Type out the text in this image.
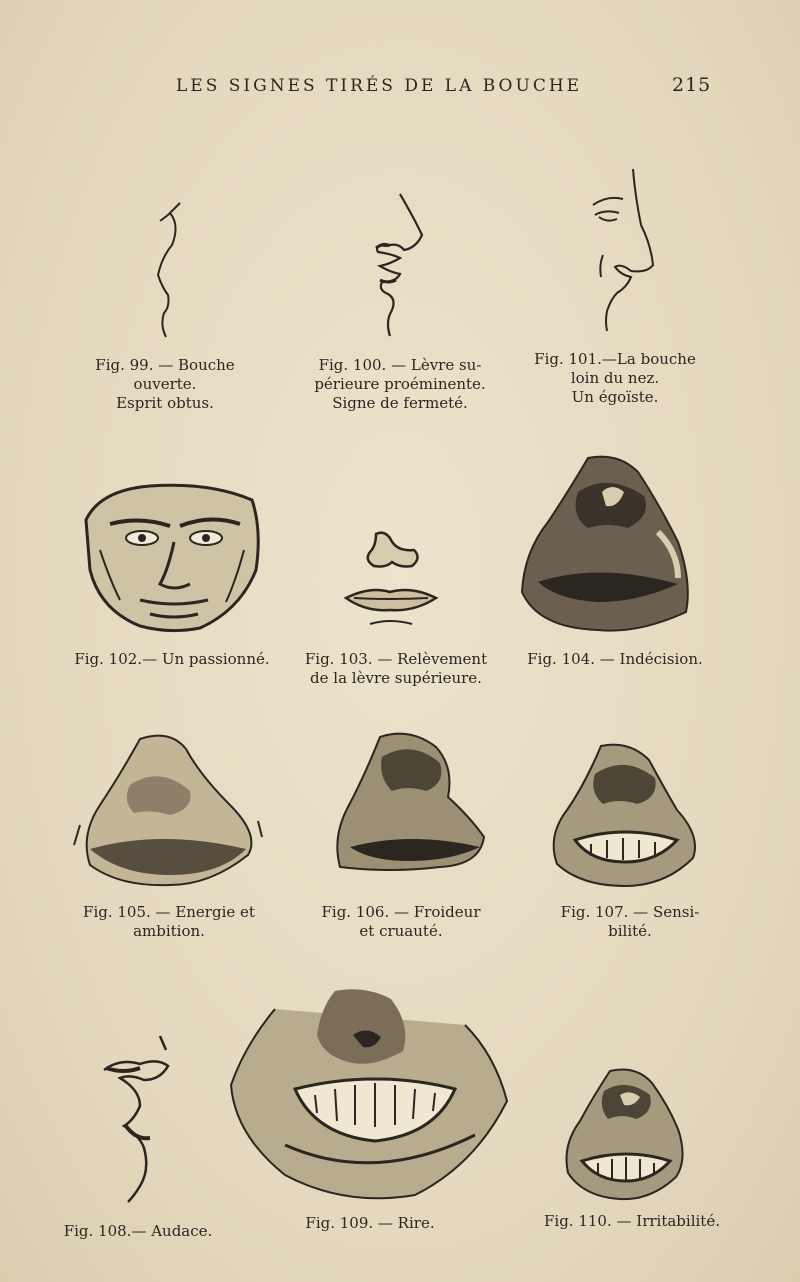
LES SIGNES TIRÉS DE LA BOUCHE	215
Fig. 99. — Bouche
ouverte.
Esprit obtus.
Fig. 100. — Lèvre su-
périeure proéminente.
Signe de fermeté.
Fig. 101.—La bouche
loin du nez.
Un égoïste.
Fig. 102.— Un passionné.	Fig. 103. — Relèvement
de la lèvre supérieure.
Fig. 104. — Indécision.
Fig. 105. — Energie et
ambition.
Fig. 106. — Froideur
et cruauté.
Fig. 107. — Sensi-
bilité.
Fig. 108.— Audace.	Fig. 109. — Rire.	Fig. 110. — Irritabilité.
